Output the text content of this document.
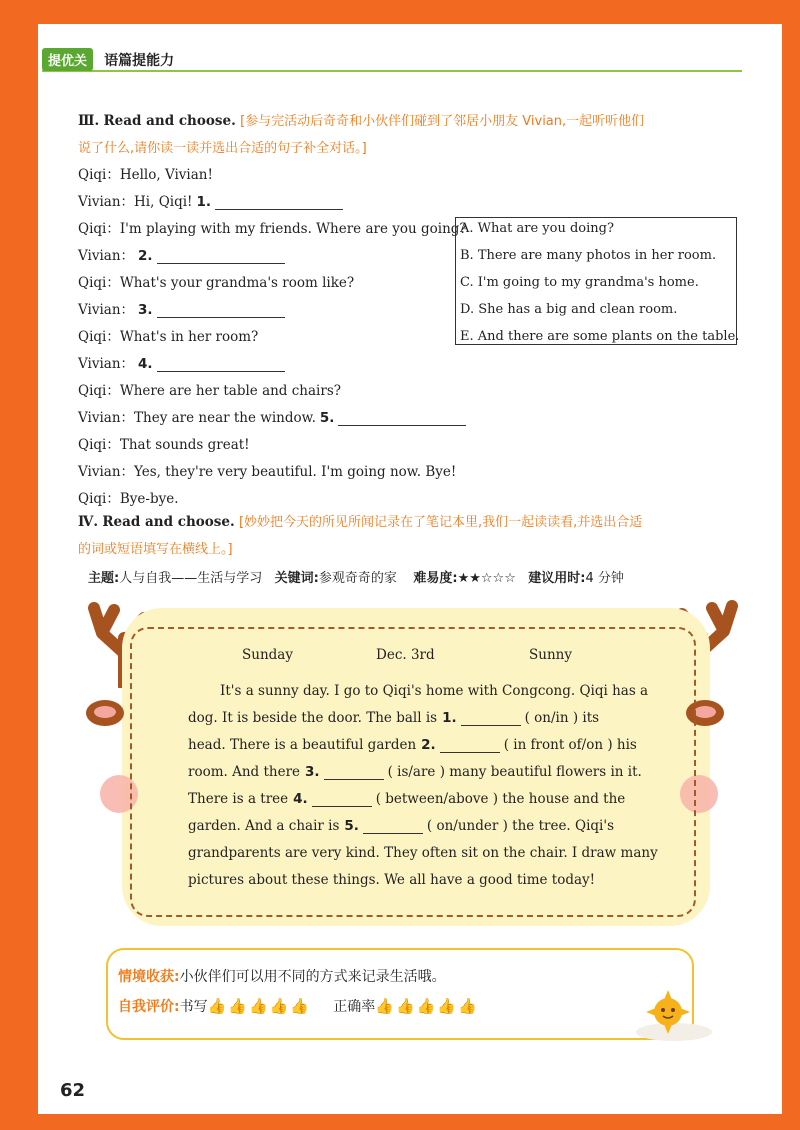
提优关 语篇提能力
Ⅲ. Read and choose. [参与完活动后奇奇和小伙伴们碰到了邻居小朋友 Vivian,一起听听他们
说了什么,请你读一读并选出合适的句子补全对话。]
Qiqi：Hello, Vivian!
Vivian：Hi, Qiqi! 1.
Qiqi：I'm playing with my friends. Where are you going?
Vivian： 2.
Qiqi：What's your grandma's room like?
Vivian： 3.
Qiqi：What's in her room?
Vivian： 4.
Qiqi：Where are her table and chairs?
Vivian：They are near the window. 5.
Qiqi：That sounds great!
Vivian：Yes, they're very beautiful. I'm going now. Bye!
Qiqi：Bye-bye.
A. What are you doing?
B. There are many photos in her room.
C. I'm going to my grandma's home.
D. She has a big and clean room.
E. And there are some plants on the table.
Ⅳ. Read and choose. [妙妙把今天的所见所闻记录在了笔记本里,我们一起读读看,并选出合适
的词或短语填写在横线上。]
主题:人与自我——生活与学习 关键词:参观奇奇的家 难易度:★★☆☆☆ 建议用时:4 分钟
Sunday	Dec. 3rd	Sunny
It's a sunny day. I go to Qiqi's home with Congcong. Qiqi has a
dog. It is beside the door. The ball is 1.	( on/in ) its
head. There is a beautiful garden 2.	( in front of/on ) his
room. And there 3.	( is/are ) many beautiful flowers in it.
There is a tree 4.	( between/above ) the house and the
garden. And a chair is 5.	( on/under ) the tree. Qiqi's
grandparents are very kind. They often sit on the chair. I draw many
pictures about these things. We all have a good time today!
情境收获:小伙伴们可以用不同的方式来记录生活哦。
自我评价:书写👍👍👍👍👍 正确率👍👍👍👍👍
62
